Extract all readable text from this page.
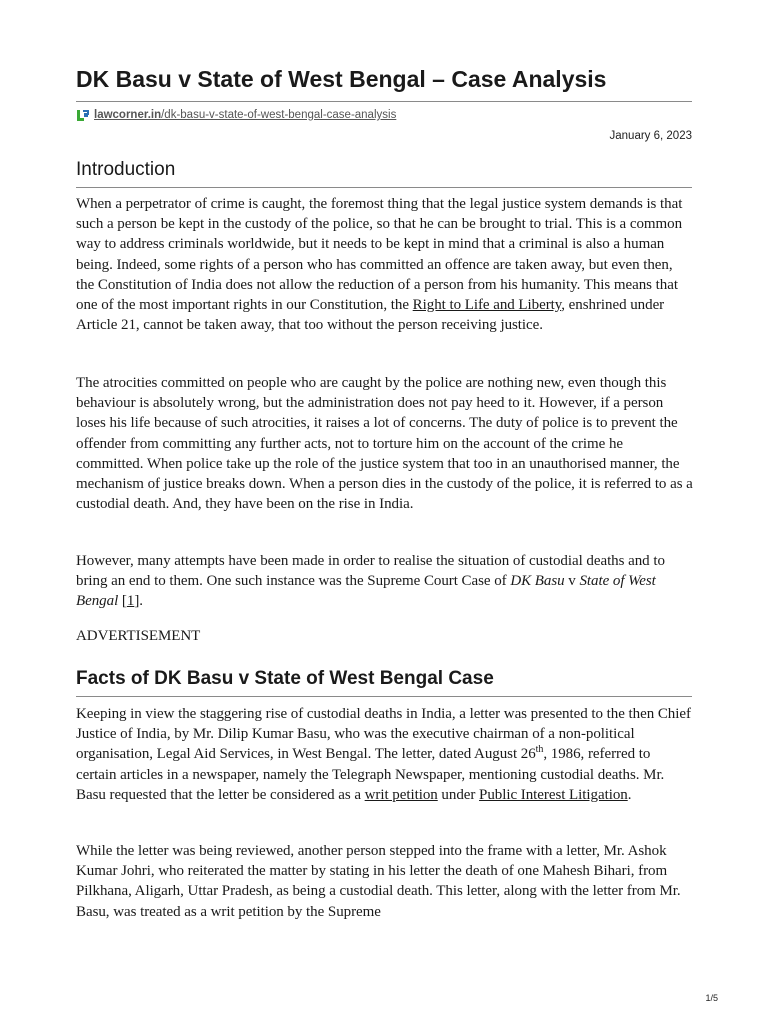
DK Basu v State of West Bengal – Case Analysis
lawcorner.in/dk-basu-v-state-of-west-bengal-case-analysis
January 6, 2023
Introduction

When a perpetrator of crime is caught, the foremost thing that the legal justice system demands is that such a person be kept in the custody of the police, so that he can be brought to trial. This is a common way to address criminals worldwide, but it needs to be kept in mind that a criminal is also a human being. Indeed, some rights of a person who has committed an offence are taken away, but even then, the Constitution of India does not allow the reduction of a person from his humanity. This means that one of the most important rights in our Constitution, the Right to Life and Liberty, enshrined under Article 21, cannot be taken away, that too without the person receiving justice.

The atrocities committed on people who are caught by the police are nothing new, even though this behaviour is absolutely wrong, but the administration does not pay heed to it. However, if a person loses his life because of such atrocities, it raises a lot of concerns. The duty of police is to prevent the offender from committing any further acts, not to torture him on the account of the crime he committed. When police take up the role of the justice system that too in an unauthorised manner, the mechanism of justice breaks down. When a person dies in the custody of the police, it is referred to as a custodial death. And, they have been on the rise in India.

However, many attempts have been made in order to realise the situation of custodial deaths and to bring an end to them. One such instance was the Supreme Court Case of DK Basu v State of West Bengal [1].

ADVERTISEMENT

Facts of DK Basu v State of West Bengal Case

Keeping in view the staggering rise of custodial deaths in India, a letter was presented to the then Chief Justice of India, by Mr. Dilip Kumar Basu, who was the executive chairman of a non-political organisation, Legal Aid Services, in West Bengal. The letter, dated August 26th, 1986, referred to certain articles in a newspaper, namely the Telegraph Newspaper, mentioning custodial deaths. Mr. Basu requested that the letter be considered as a writ petition under Public Interest Litigation.

While the letter was being reviewed, another person stepped into the frame with a letter, Mr. Ashok Kumar Johri, who reiterated the matter by stating in his letter the death of one Mahesh Bihari, from Pilkhana, Aligarh, Uttar Pradesh, as being a custodial death. This letter, along with the letter from Mr. Basu, was treated as a writ petition by the Supreme

1/5
